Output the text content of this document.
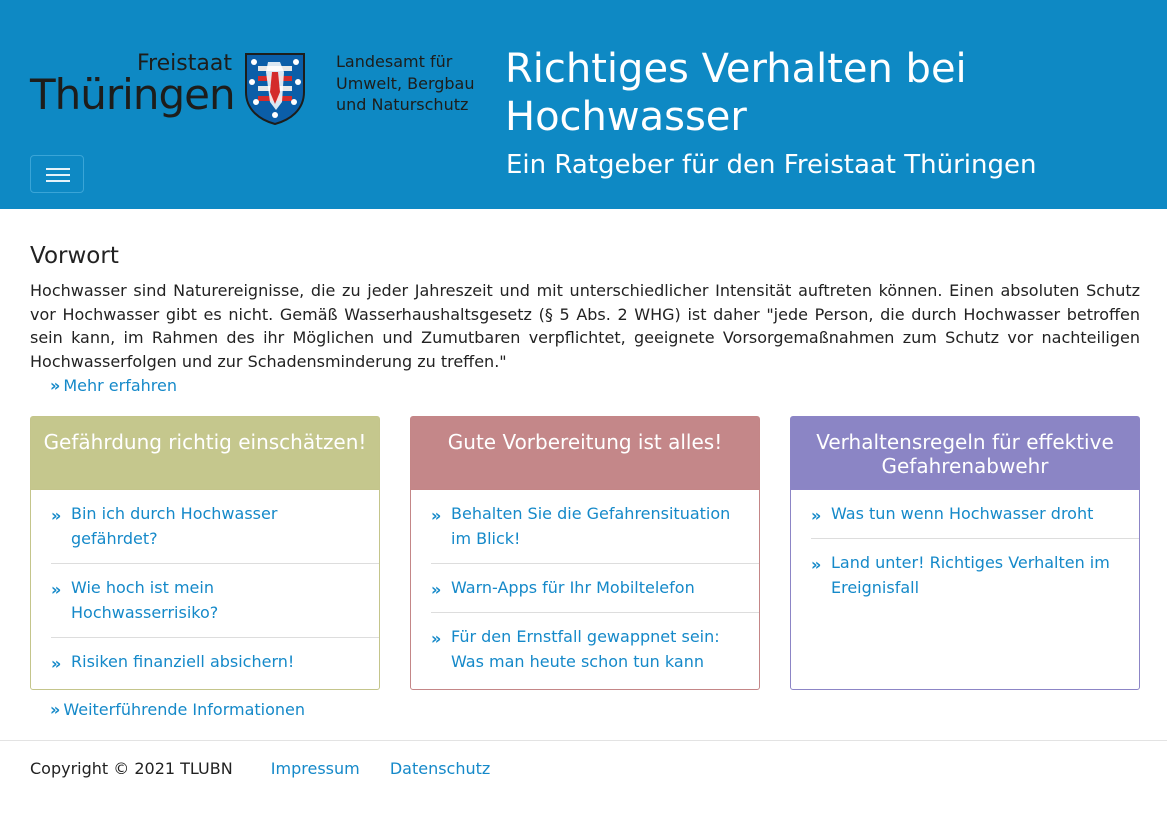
Freistaat
Thüringen
Landesamt für
Umwelt, Bergbau
und Naturschutz
Richtiges Verhalten bei
Hochwasser
Ein Ratgeber für den Freistaat Thüringen
Vorwort
Hochwasser sind Naturereignisse, die zu jeder Jahreszeit und mit unterschiedlicher Intensität auftreten können. Einen absoluten Schutz vor Hochwasser gibt es nicht. Gemäß Wasserhaushaltsgesetz (§ 5 Abs. 2 WHG) ist daher "jede Person, die durch Hochwasser betroffen sein kann, im Rahmen des ihr Möglichen und Zumutbaren verpflichtet, geeignete Vorsorgemaßnahmen zum Schutz vor nachteiligen Hochwasserfolgen und zur Schadensminderung zu treffen."
» Mehr erfahren
Gefährdung richtig einschätzen!
» Bin ich durch Hochwasser gefährdet?
» Wie hoch ist mein Hochwasserrisiko?
» Risiken finanziell absichern!
Gute Vorbereitung ist alles!
» Behalten Sie die Gefahrensituation im Blick!
» Warn-Apps für Ihr Mobiltelefon
» Für den Ernstfall gewappnet sein: Was man heute schon tun kann
Verhaltensregeln für effektive Gefahrenabwehr
» Was tun wenn Hochwasser droht
» Land unter! Richtiges Verhalten im Ereignisfall
» Weiterführende Informationen
Copyright © 2021 TLUBN Impressum Datenschutz
